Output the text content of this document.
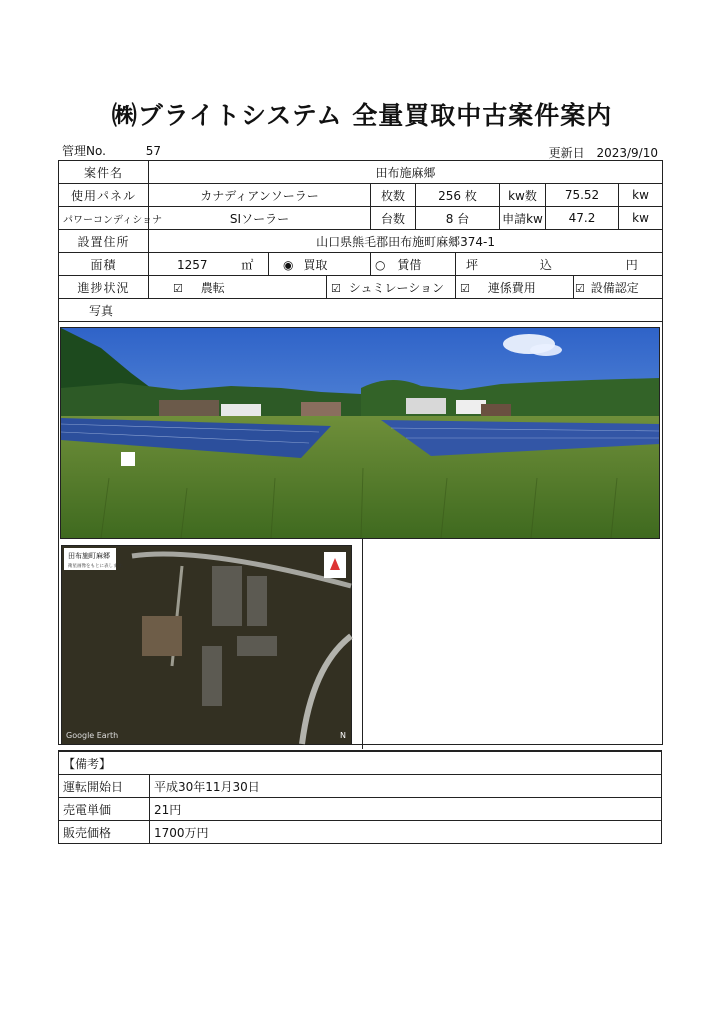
㈱ブライトシステム 全量買取中古案件案内
管理No.	57	更新日 2023/9/10
案件名	田布施麻郷									
使用パネル	カナディアンソーラー			枚数	256 枚		kw数	75.52		kw
パワーコンディショナ	SIソーラー			台数	8 台		申請kw	47.2		kw
設置住所	山口県熊毛郡田布施町麻郷374-1									
面積	1257 ㎡	◉ 買取		○ 賃借		坪 込 円				
進捗状況	☑ 農転		☑ シュミレーション			☑ 連係費用			☑ 設備認定	
写真										

田布施町麻郷
衛星画像をもとに表します。
Google Earth	N
【備考】	
運転開始日	平成30年11月30日
売電単価	21円
販売価格	1700万円
